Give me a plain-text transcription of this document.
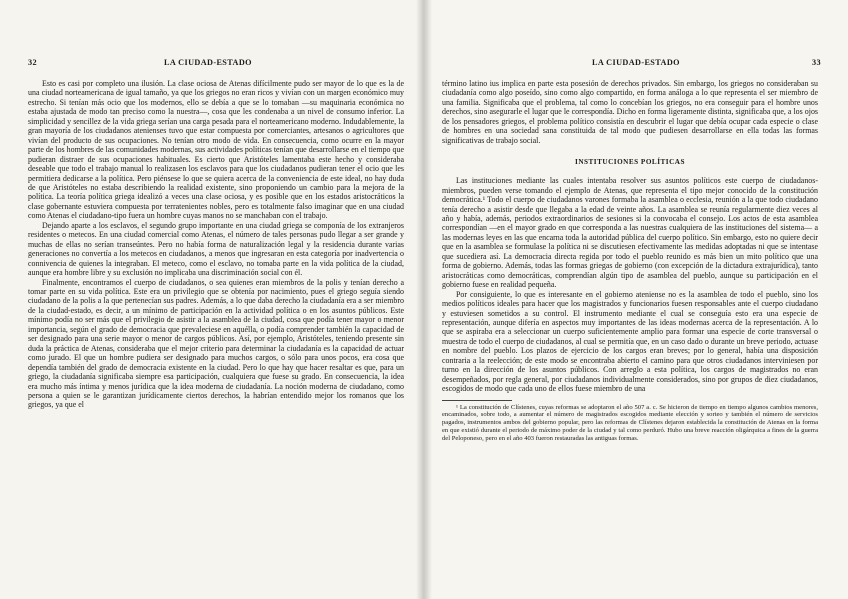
32	LA CIUDAD-ESTADO

Esto es casi por completo una ilusión. La clase ociosa de Atenas difícilmente pudo ser mayor de lo que es la de una ciudad norteamericana de igual tamaño, ya que los griegos no eran ricos y vivían con un margen económico muy estrecho. Si tenían más ocio que los modernos, ello se debía a que se lo tomaban —su maquinaria económica no estaba ajustada de modo tan preciso como la nuestra—, cosa que les condenaba a un nivel de consumo inferior. La simplicidad y sencillez de la vida griega serían una carga pesada para el norteamericano moderno. Indudablemente, la gran mayoría de los ciudadanos atenienses tuvo que estar compuesta por comerciantes, artesanos o agricultores que vivían del producto de sus ocupaciones. No tenían otro modo de vida. En consecuencia, como ocurre en la mayor parte de los hombres de las comunidades modernas, sus actividades políticas tenían que desarrollarse en el tiempo que pudieran distraer de sus ocupaciones habituales. Es cierto que Aristóteles lamentaba este hecho y consideraba deseable que todo el trabajo manual lo realizasen los esclavos para que los ciudadanos pudieran tener el ocio que les permitiera dedicarse a la política. Pero piénsese lo que se quiera acerca de la conveniencia de este ideal, no hay duda de que Aristóteles no estaba describiendo la realidad existente, sino proponiendo un cambio para la mejora de la política. La teoría política griega idealizó a veces una clase ociosa, y es posible que en los estados aristocráticos la clase gobernante estuviera compuesta por terratenientes nobles, pero es totalmente falso imaginar que en una ciudad como Atenas el ciudadano-tipo fuera un hombre cuyas manos no se manchaban con el trabajo.

Dejando aparte a los esclavos, el segundo grupo importante en una ciudad griega se componía de los extranjeros residentes o metecos. En una ciudad comercial como Atenas, el número de tales personas pudo llegar a ser grande y muchas de ellas no serían transeúntes. Pero no había forma de naturalización legal y la residencia durante varias generaciones no convertía a los metecos en ciudadanos, a menos que ingresaran en esta categoría por inadvertencia o connivencia de quienes la integraban. El meteco, como el esclavo, no tomaba parte en la vida política de la ciudad, aunque era hombre libre y su exclusión no implicaba una discriminación social con él.

Finalmente, encontramos el cuerpo de ciudadanos, o sea quienes eran miembros de la polis y tenían derecho a tomar parte en su vida política. Este era un privilegio que se obtenía por nacimiento, pues el griego seguía siendo ciudadano de la polis a la que pertenecían sus padres. Además, a lo que daba derecho la ciudadanía era a ser miembro de la ciudad-estado, es decir, a un mínimo de participación en la actividad política o en los asuntos públicos. Este mínimo podía no ser más que el privilegio de asistir a la asamblea de la ciudad, cosa que podía tener mayor o menor importancia, según el grado de democracia que prevaleciese en aquélla, o podía comprender también la capacidad de ser designado para una serie mayor o menor de cargos públicos. Así, por ejemplo, Aristóteles, teniendo presente sin duda la práctica de Atenas, consideraba que el mejor criterio para determinar la ciudadanía es la capacidad de actuar como jurado. El que un hombre pudiera ser designado para muchos cargos, o sólo para unos pocos, era cosa que dependía también del grado de democracia existente en la ciudad. Pero lo que hay que hacer resaltar es que, para un griego, la ciudadanía significaba siempre esa participación, cualquiera que fuese su grado. En consecuencia, la idea era mucho más íntima y menos jurídica que la idea moderna de ciudadanía. La noción moderna de ciudadano, como persona a quien se le garantizan jurídicamente ciertos derechos, la habrían entendido mejor los romanos que los griegos, ya que el

LA CIUDAD-ESTADO	33

término latino ius implica en parte esta posesión de derechos privados. Sin embargo, los griegos no consideraban su ciudadanía como algo poseído, sino como algo compartido, en forma análoga a lo que representa el ser miembro de una familia. Significaba que el problema, tal como lo concebían los griegos, no era conseguir para el hombre unos derechos, sino asegurarle el lugar que le correspondía. Dicho en forma ligeramente distinta, significaba que, a los ojos de los pensadores griegos, el problema político consistía en descubrir el lugar que debía ocupar cada especie o clase de hombres en una sociedad sana constituida de tal modo que pudiesen desarrollarse en ella todas las formas significativas de trabajo social.

INSTITUCIONES POLÍTICAS

Las instituciones mediante las cuales intentaba resolver sus asuntos políticos este cuerpo de ciudadanos-miembros, pueden verse tomando el ejemplo de Atenas, que representa el tipo mejor conocido de la constitución democrática.¹ Todo el cuerpo de ciudadanos varones formaba la asamblea o ecclesia, reunión a la que todo ciudadano tenía derecho a asistir desde que llegaba a la edad de veinte años. La asamblea se reunía regularmente diez veces al año y había, además, periodos extraordinarios de sesiones si la convocaba el consejo. Los actos de esta asamblea correspondían —en el mayor grado en que corresponda a las nuestras cualquiera de las instituciones del sistema— a las modernas leyes en las que encarna toda la autoridad pública del cuerpo político. Sin embargo, esto no quiere decir que en la asamblea se formulase la política ni se discutiesen efectivamente las medidas adoptadas ni que se intentase que sucediera así. La democracia directa regida por todo el pueblo reunido es más bien un mito político que una forma de gobierno. Además, todas las formas griegas de gobierno (con excepción de la dictadura extrajurídica), tanto aristocráticas como democráticas, comprendían algún tipo de asamblea del pueblo, aunque su participación en el gobierno fuese en realidad pequeña.

Por consiguiente, lo que es interesante en el gobierno ateniense no es la asamblea de todo el pueblo, sino los medios políticos ideales para hacer que los magistrados y funcionarios fuesen responsables ante el cuerpo ciudadano y estuviesen sometidos a su control. El instrumento mediante el cual se conseguía esto era una especie de representación, aunque difería en aspectos muy importantes de las ideas modernas acerca de la representación. A lo que se aspiraba era a seleccionar un cuerpo suficientemente amplio para formar una especie de corte transversal o muestra de todo el cuerpo de ciudadanos, al cual se permitía que, en un caso dado o durante un breve periodo, actuase en nombre del pueblo. Los plazos de ejercicio de los cargos eran breves; por lo general, había una disposición contraria a la reelección; de este modo se encontraba abierto el camino para que otros ciudadanos interviniesen por turno en la dirección de los asuntos públicos. Con arreglo a esta política, los cargos de magistrados no eran desempeñados, por regla general, por ciudadanos individualmente considerados, sino por grupos de diez ciudadanos, escogidos de modo que cada uno de ellos fuese miembro de una

¹ La constitución de Clístenes, cuyas reformas se adoptaron el año 507 a. c. Se hicieron de tiempo en tiempo algunos cambios menores, encaminados, sobre todo, a aumentar el número de magistrados escogidos mediante elección y sorteo y también el número de servicios pagados, instrumentos ambos del gobierno popular, pero las reformas de Clístenes dejaron establecida la constitución de Atenas en la forma en que existió durante el periodo de máximo poder de la ciudad y tal como perduró. Hubo una breve reacción oligárquica a fines de la guerra del Peloponeso, pero en el año 403 fueron restauradas las antiguas formas.
